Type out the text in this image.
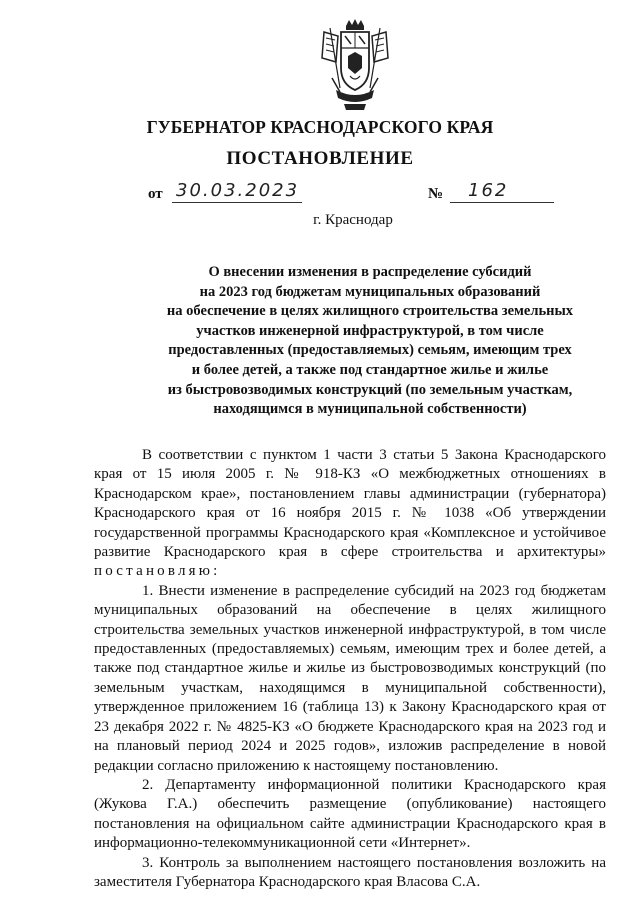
ГУБЕРНАТОР КРАСНОДАРСКОГО КРАЯ
ПОСТАНОВЛЕНИЕ
от 30.03.2023	№ 162
г. Краснодар
О внесении изменения в распределение субсидий
на 2023 год бюджетам муниципальных образований
на обеспечение в целях жилищного строительства земельных
участков инженерной инфраструктурой, в том числе
предоставленных (предоставляемых) семьям, имеющим трех
и более детей, а также под стандартное жилье и жилье
из быстровозводимых конструкций (по земельным участкам,
находящимся в муниципальной собственности)

В соответствии с пунктом 1 части 3 статьи 5 Закона Краснодарского края от 15 июля 2005 г. № 918-КЗ «О межбюджетных отношениях в Краснодарском крае», постановлением главы администрации (губернатора) Краснодарского края от 16 ноября 2015 г. № 1038 «Об утверждении государственной программы Краснодарского края «Комплексное и устойчивое развитие Краснодарского края в сфере строительства и архитектуры»

постановляю:

1. Внести изменение в распределение субсидий на 2023 год бюджетам муниципальных образований на обеспечение в целях жилищного строительства земельных участков инженерной инфраструктурой, в том числе предоставленных (предоставляемых) семьям, имеющим трех и более детей, а также под стандартное жилье и жилье из быстровозводимых конструкций (по земельным участкам, находящимся в муниципальной собственности), утвержденное приложением 16 (таблица 13) к Закону Краснодарского края от 23 декабря 2022 г. № 4825-КЗ «О бюджете Краснодарского края на 2023 год и на плановый период 2024 и 2025 годов», изложив распределение в новой редакции согласно приложению к настоящему постановлению.

2. Департаменту информационной политики Краснодарского края (Жукова Г.А.) обеспечить размещение (опубликование) настоящего постановления на официальном сайте администрации Краснодарского края в информационно-телекоммуникационной сети «Интернет».

3. Контроль за выполнением настоящего постановления возложить на заместителя Губернатора Краснодарского края Власова С.А.
